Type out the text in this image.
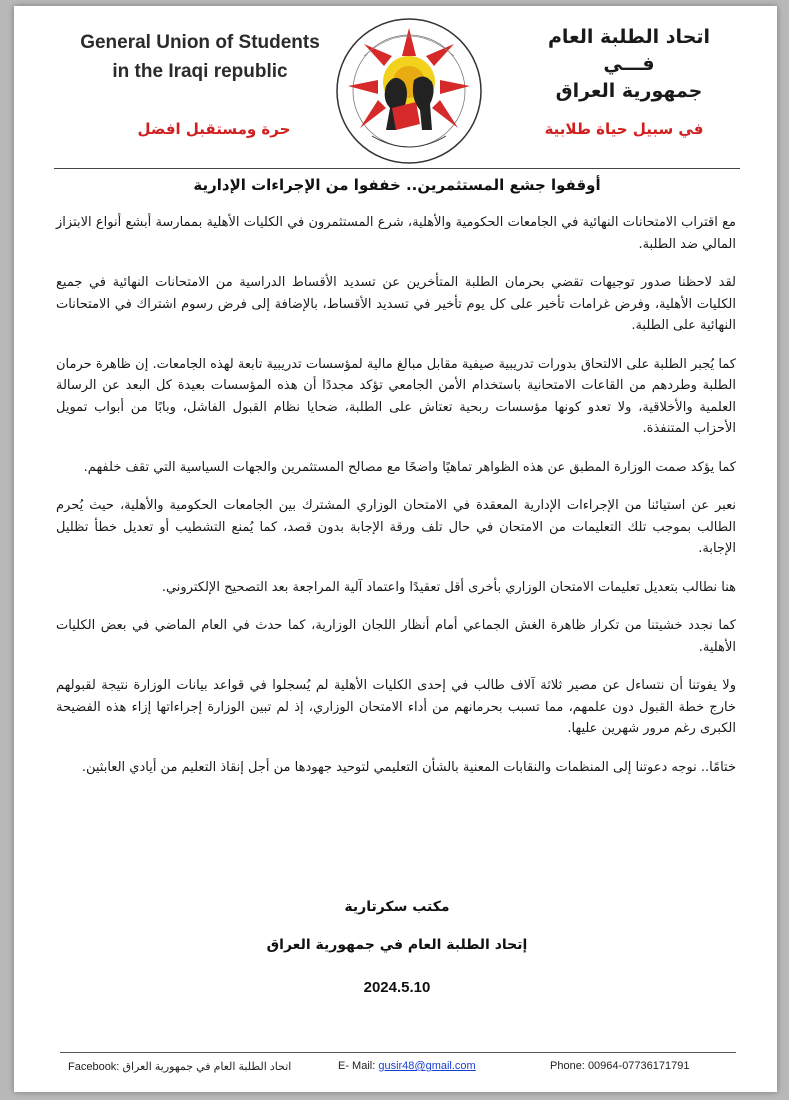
General Union of Students in the Iraqi republic
حرة ومستقبل افضل
اتحاد الطلبة العام
فـــي
جمهورية العراق
في سبيل حياة طلابية
أوقفوا جشع المستثمرين.. خففوا من الإجراءات الإدارية

مع اقتراب الامتحانات النهائية في الجامعات الحكومية والأهلية، شرع المستثمرون في الكليات الأهلية بممارسة أبشع أنواع الابتزاز المالي ضد الطلبة.

لقد لاحظنا صدور توجيهات تقضي بحرمان الطلبة المتأخرين عن تسديد الأقساط الدراسية من الامتحانات النهائية في جميع الكليات الأهلية، وفرض غرامات تأخير على كل يوم تأخير في تسديد الأقساط، بالإضافة إلى فرض رسوم اشتراك في الامتحانات النهائية على الطلبة.

كما يُجبر الطلبة على الالتحاق بدورات تدريبية صيفية مقابل مبالغ مالية لمؤسسات تدريبية تابعة لهذه الجامعات. إن ظاهرة حرمان الطلبة وطردهم من القاعات الامتحانية باستخدام الأمن الجامعي تؤكد مجددًا أن هذه المؤسسات بعيدة كل البعد عن الرسالة العلمية والأخلاقية، ولا تعدو كونها مؤسسات ربحية تعتاش على الطلبة، ضحايا نظام القبول الفاشل، وبابًا من أبواب تمويل الأحزاب المتنفذة.

كما يؤكد صمت الوزارة المطبق عن هذه الظواهر تماهيًا واضحًا مع مصالح المستثمرين والجهات السياسية التي تقف خلفهم.

نعبر عن استيائنا من الإجراءات الإدارية المعقدة في الامتحان الوزاري المشترك بين الجامعات الحكومية والأهلية، حيث يُحرم الطالب بموجب تلك التعليمات من الامتحان في حال تلف ورقة الإجابة بدون قصد، كما يُمنع التشطيب أو تعديل خطأ تظليل الإجابة.

هنا نطالب بتعديل تعليمات الامتحان الوزاري بأخرى أقل تعقيدًا واعتماد آلية المراجعة بعد التصحيح الإلكتروني.

كما نجدد خشيتنا من تكرار ظاهرة الغش الجماعي أمام أنظار اللجان الوزارية، كما حدث في العام الماضي في بعض الكليات الأهلية.

ولا يفوتنا أن نتساءل عن مصير ثلاثة آلاف طالب في إحدى الكليات الأهلية لم يُسجلوا في قواعد بيانات الوزارة نتيجة لقبولهم خارج خطة القبول دون علمهم، مما تسبب بحرمانهم من أداء الامتحان الوزاري، إذ لم تبين الوزارة إجراءاتها إزاء هذه الفضيحة الكبرى رغم مرور شهرين عليها.

ختامًا.. نوجه دعوتنا إلى المنظمات والنقابات المعنية بالشأن التعليمي لتوحيد جهودها من أجل إنقاذ التعليم من أيادي العابثين.

مكتب سكرتارية
إتحاد الطلبة العام في جمهورية العراق
2024.5.10
Facebook: اتحاد الطلبة العام في جمهورية العراق	E- Mail: gusir48@gmail.com	Phone: 00964-07736171791
